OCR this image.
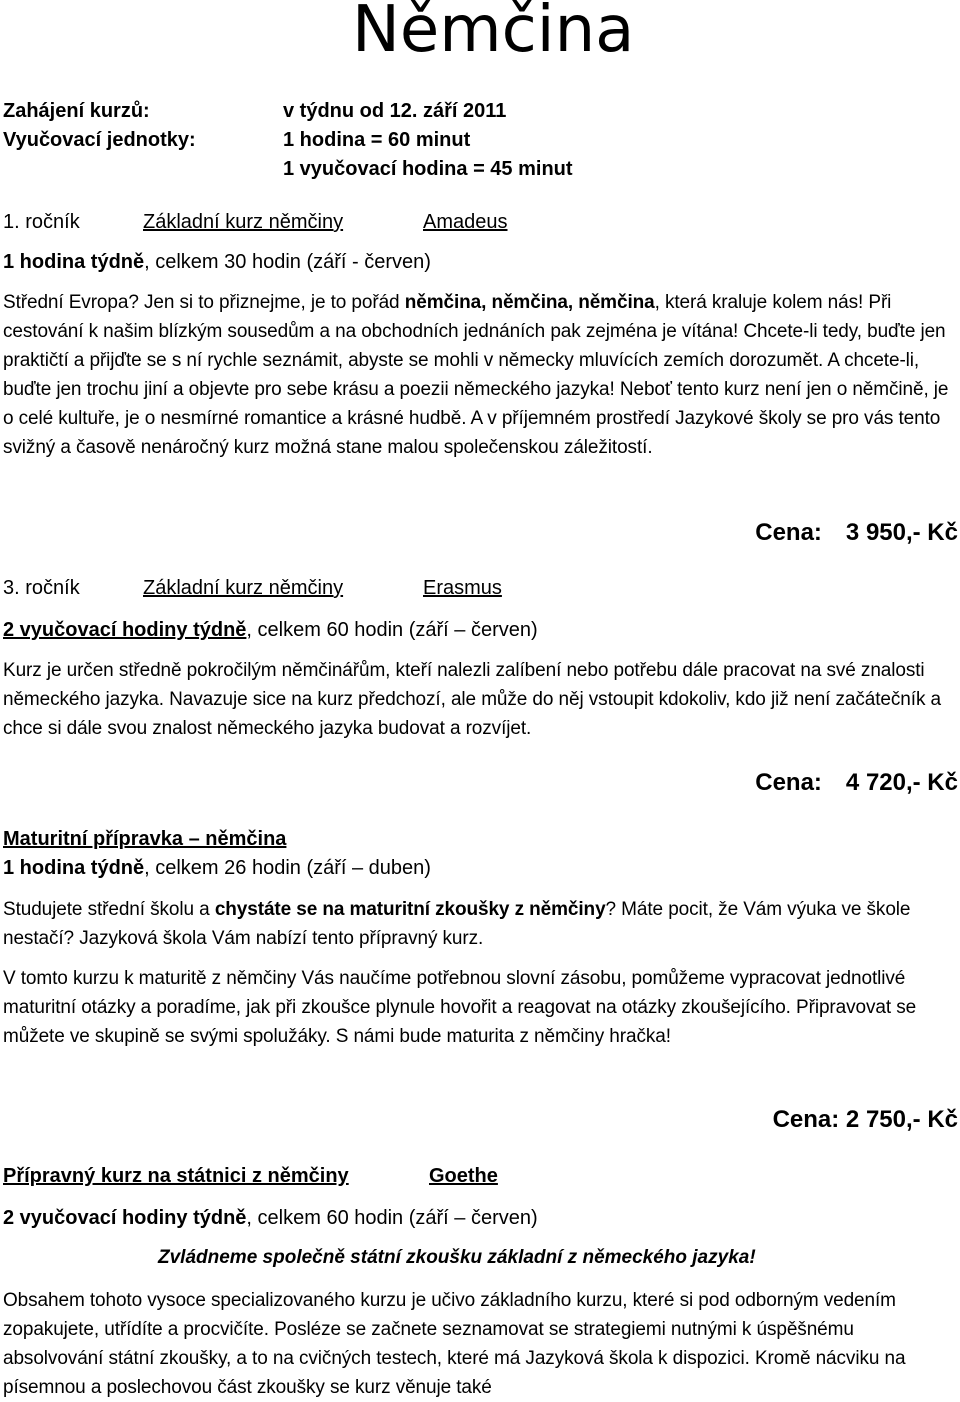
Němčina
Zahájení kurzů:	v týdnu od 12. září 2011
Vyučovací jednotky:	1 hodina = 60 minut
1 vyučovací hodina = 45 minut
1. ročník	Základní kurz němčiny	Amadeus
1 hodina týdně, celkem 30 hodin (září - červen)
Střední Evropa? Jen si to přiznejme, je to pořád němčina, němčina, němčina, která kraluje kolem nás! Při cestování k našim blízkým sousedům a na obchodních jednáních pak zejména je vítána! Chcete-li tedy, buďte jen praktičtí a přijďte se s ní rychle seznámit, abyste se mohli v německy mluvících zemích dorozumět. A chcete-li, buďte jen trochu jiní a objevte pro sebe krásu a poezii německého jazyka! Neboť tento kurz není jen o němčině, je o celé kultuře, je o nesmírné romantice a krásné hudbě. A v příjemném prostředí Jazykové školy se pro vás tento svižný a časově nenáročný kurz možná stane malou společenskou záležitostí.
Cena: 3 950,- Kč
3. ročník	Základní kurz němčiny	Erasmus
2 vyučovací hodiny týdně, celkem 60 hodin (září – červen)
Kurz je určen středně pokročilým němčinářům, kteří nalezli zalíbení nebo potřebu dále pracovat na své znalosti německého jazyka. Navazuje sice na kurz předchozí, ale může do něj vstoupit kdokoliv, kdo již není začátečník a chce si dále svou znalost německého jazyka budovat a rozvíjet.
Cena: 4 720,- Kč
Maturitní přípravka – němčina
1 hodina týdně, celkem 26 hodin (září – duben)
Studujete střední školu a chystáte se na maturitní zkoušky z němčiny? Máte pocit, že Vám výuka ve škole nestačí? Jazyková škola Vám nabízí tento přípravný kurz.
V tomto kurzu k maturitě z němčiny Vás naučíme potřebnou slovní zásobu, pomůžeme vypracovat jednotlivé maturitní otázky a poradíme, jak při zkoušce plynule hovořit a reagovat na otázky zkoušejícího. Připravovat se můžete ve skupině se svými spolužáky. S námi bude maturita z němčiny hračka!
Cena: 2 750,- Kč
Přípravný kurz na státnici z němčiny	Goethe
2 vyučovací hodiny týdně, celkem 60 hodin (září – červen)
Zvládneme společně státní zkoušku základní z německého jazyka!
Obsahem tohoto vysoce specializovaného kurzu je učivo základního kurzu, které si pod odborným vedením zopakujete, utřídíte a procvičíte. Posléze se začnete seznamovat se strategiemi nutnými k úspěšnému absolvování státní zkoušky, a to na cvičných testech, které má Jazyková škola k dispozici. Kromě nácviku na písemnou a poslechovou část zkoušky se kurz věnuje také
